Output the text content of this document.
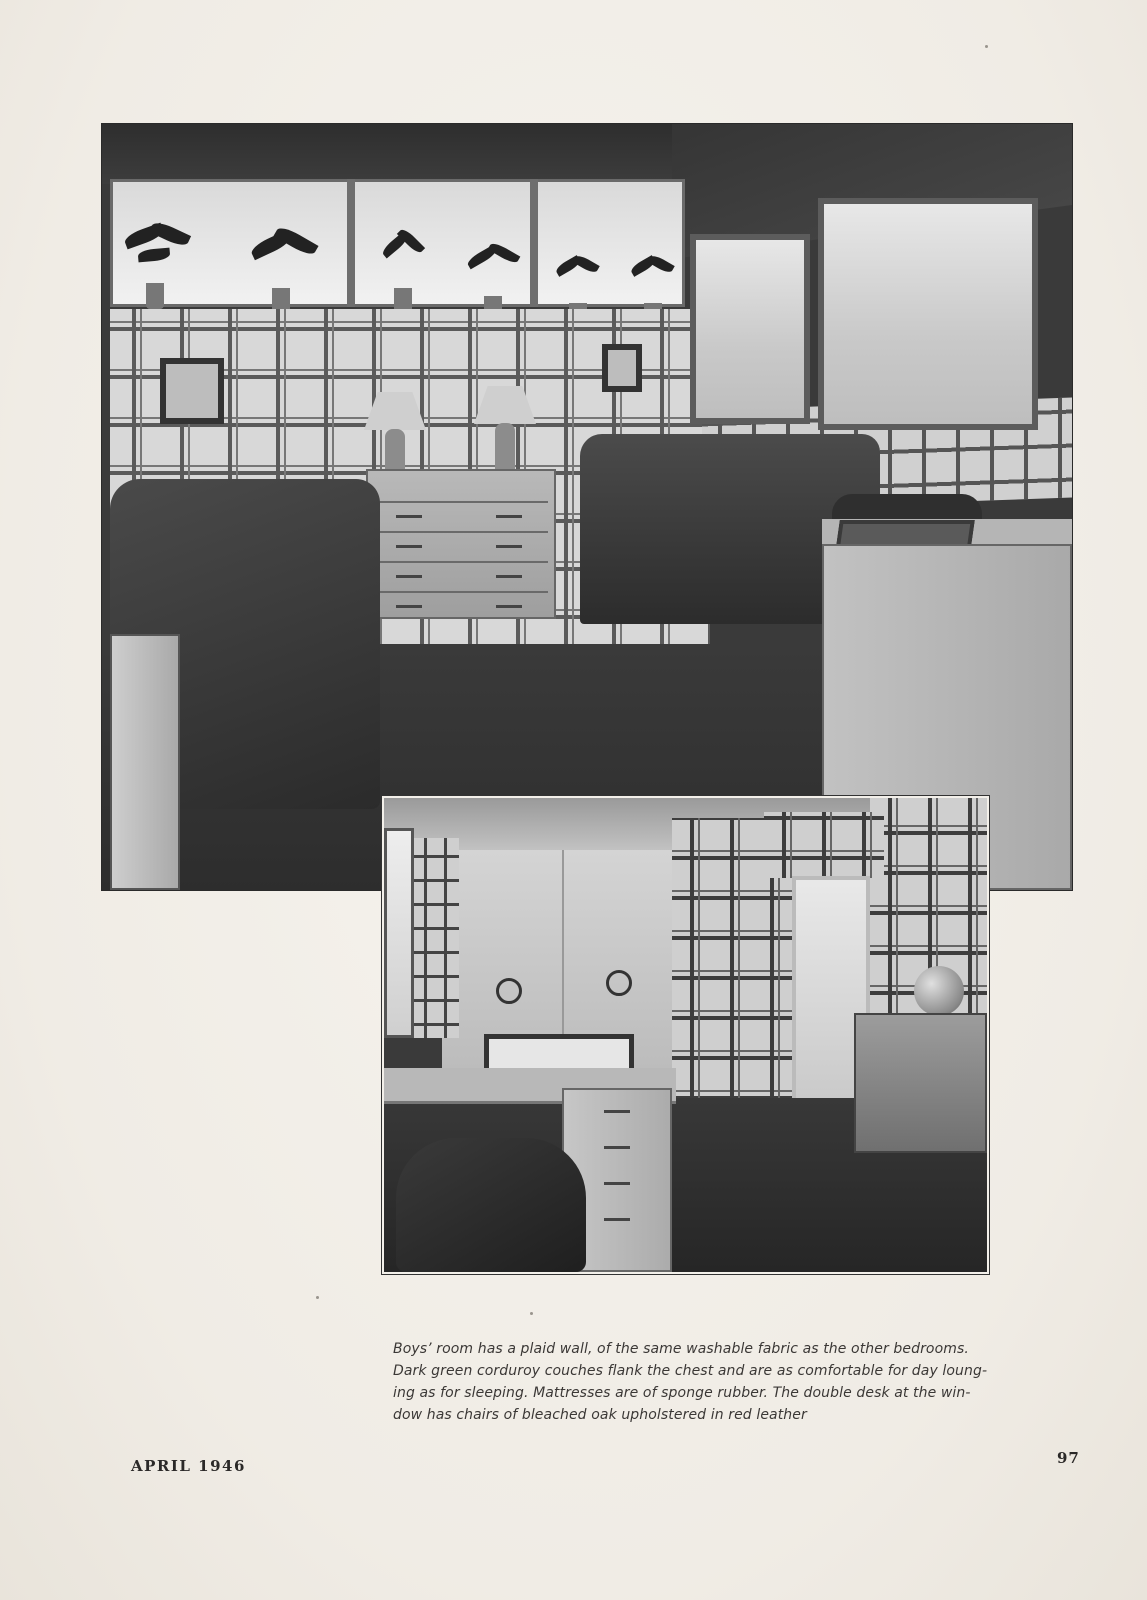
Boys’ room has a plaid wall, of the same washable fabric as the other bedrooms.
Dark green corduroy couches flank the chest and are as comfortable for day loung-
ing as for sleeping. Mattresses are of sponge rubber. The double desk at the win-
dow has chairs of bleached oak upholstered in red leather
APRIL 1946	97
